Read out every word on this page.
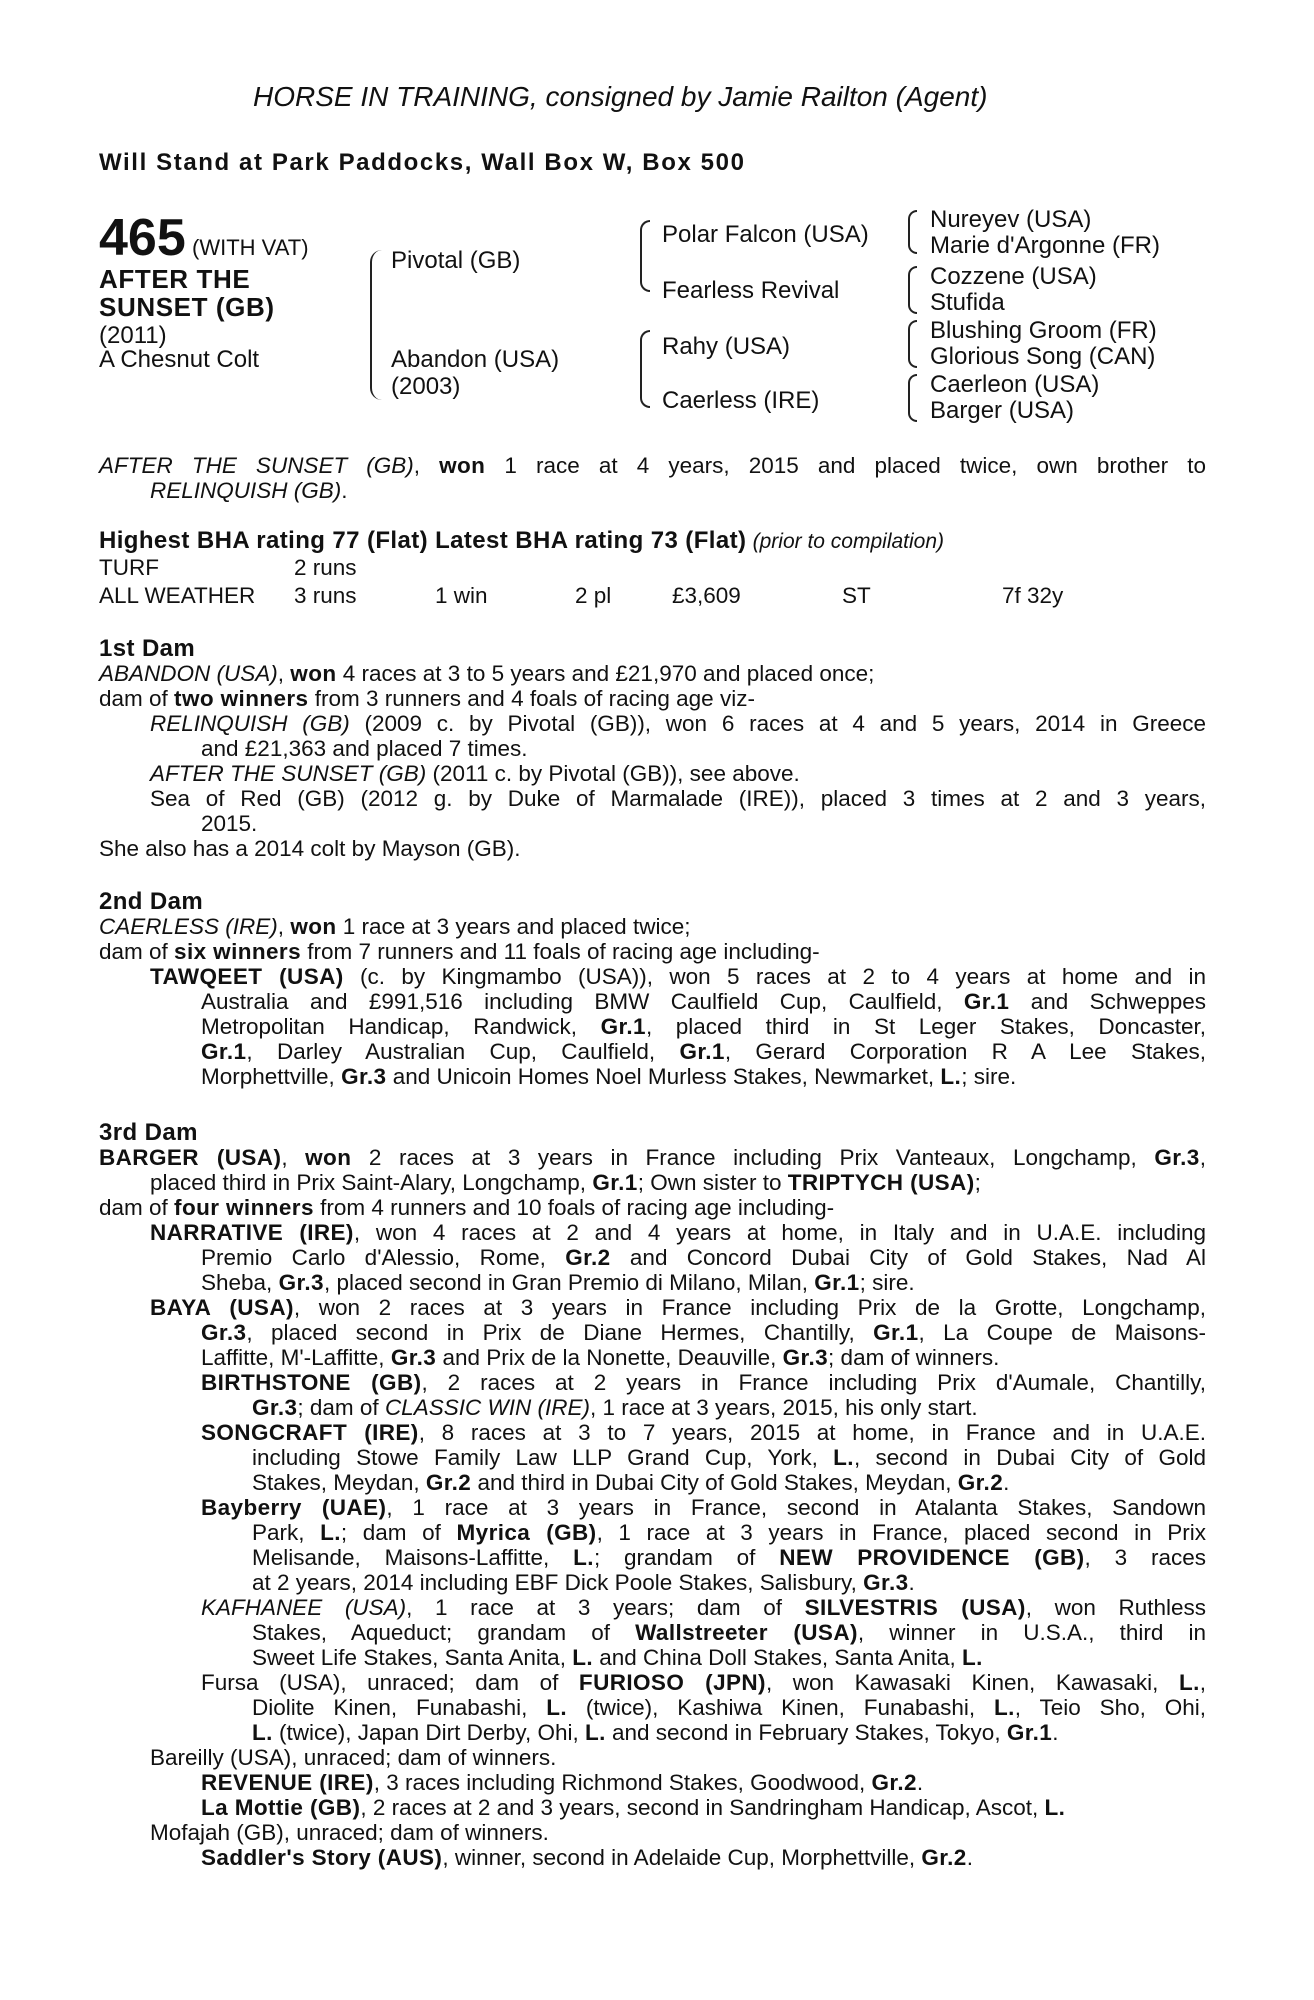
HORSE IN TRAINING, consigned by Jamie Railton (Agent)
Will Stand at Park Paddocks, Wall Box W, Box 500
465 (WITH VAT)
AFTER THE
SUNSET (GB)
(2011)
A Chesnut Colt
Pivotal (GB)
Abandon (USA)
(2003)
Polar Falcon (USA)
Fearless Revival
Rahy (USA)
Caerless (IRE)
Nureyev (USA)
Marie d'Argonne (FR)
Cozzene (USA)
Stufida
Blushing Groom (FR)
Glorious Song (CAN)
Caerleon (USA)
Barger (USA)
AFTER THE SUNSET (GB), won 1 race at 4 years, 2015 and placed twice, own brother to
RELINQUISH (GB).
Highest BHA rating 77 (Flat) Latest BHA rating 73 (Flat) (prior to compilation)
TURF	2 runs
ALL WEATHER 3 runs	1 win	2 pl	£3,609	ST	7f 32y
1st Dam
ABANDON (USA), won 4 races at 3 to 5 years and £21,970 and placed once;
dam of two winners from 3 runners and 4 foals of racing age viz-
RELINQUISH (GB) (2009 c. by Pivotal (GB)), won 6 races at 4 and 5 years, 2014 in Greece
and £21,363 and placed 7 times.
AFTER THE SUNSET (GB) (2011 c. by Pivotal (GB)), see above.
Sea of Red (GB) (2012 g. by Duke of Marmalade (IRE)), placed 3 times at 2 and 3 years,
2015.
She also has a 2014 colt by Mayson (GB).
2nd Dam
CAERLESS (IRE), won 1 race at 3 years and placed twice;
dam of six winners from 7 runners and 11 foals of racing age including-
TAWQEET (USA) (c. by Kingmambo (USA)), won 5 races at 2 to 4 years at home and in
Australia and £991,516 including BMW Caulfield Cup, Caulfield, Gr.1 and Schweppes
Metropolitan Handicap, Randwick, Gr.1, placed third in St Leger Stakes, Doncaster,
Gr.1, Darley Australian Cup, Caulfield, Gr.1, Gerard Corporation R A Lee Stakes,
Morphettville, Gr.3 and Unicoin Homes Noel Murless Stakes, Newmarket, L.; sire.
3rd Dam
BARGER (USA), won 2 races at 3 years in France including Prix Vanteaux, Longchamp, Gr.3,
placed third in Prix Saint-Alary, Longchamp, Gr.1; Own sister to TRIPTYCH (USA);
dam of four winners from 4 runners and 10 foals of racing age including-
NARRATIVE (IRE), won 4 races at 2 and 4 years at home, in Italy and in U.A.E. including
Premio Carlo d'Alessio, Rome, Gr.2 and Concord Dubai City of Gold Stakes, Nad Al
Sheba, Gr.3, placed second in Gran Premio di Milano, Milan, Gr.1; sire.
BAYA (USA), won 2 races at 3 years in France including Prix de la Grotte, Longchamp,
Gr.3, placed second in Prix de Diane Hermes, Chantilly, Gr.1, La Coupe de Maisons-
Laffitte, M'-Laffitte, Gr.3 and Prix de la Nonette, Deauville, Gr.3; dam of winners.
BIRTHSTONE (GB), 2 races at 2 years in France including Prix d'Aumale, Chantilly,
Gr.3; dam of CLASSIC WIN (IRE), 1 race at 3 years, 2015, his only start.
SONGCRAFT (IRE), 8 races at 3 to 7 years, 2015 at home, in France and in U.A.E.
including Stowe Family Law LLP Grand Cup, York, L., second in Dubai City of Gold
Stakes, Meydan, Gr.2 and third in Dubai City of Gold Stakes, Meydan, Gr.2.
Bayberry (UAE), 1 race at 3 years in France, second in Atalanta Stakes, Sandown
Park, L.; dam of Myrica (GB), 1 race at 3 years in France, placed second in Prix
Melisande, Maisons-Laffitte, L.; grandam of NEW PROVIDENCE (GB), 3 races
at 2 years, 2014 including EBF Dick Poole Stakes, Salisbury, Gr.3.
KAFHANEE (USA), 1 race at 3 years; dam of SILVESTRIS (USA), won Ruthless
Stakes, Aqueduct; grandam of Wallstreeter (USA), winner in U.S.A., third in
Sweet Life Stakes, Santa Anita, L. and China Doll Stakes, Santa Anita, L.
Fursa (USA), unraced; dam of FURIOSO (JPN), won Kawasaki Kinen, Kawasaki, L.,
Diolite Kinen, Funabashi, L. (twice), Kashiwa Kinen, Funabashi, L., Teio Sho, Ohi,
L. (twice), Japan Dirt Derby, Ohi, L. and second in February Stakes, Tokyo, Gr.1.
Bareilly (USA), unraced; dam of winners.
REVENUE (IRE), 3 races including Richmond Stakes, Goodwood, Gr.2.
La Mottie (GB), 2 races at 2 and 3 years, second in Sandringham Handicap, Ascot, L.
Mofajah (GB), unraced; dam of winners.
Saddler's Story (AUS), winner, second in Adelaide Cup, Morphettville, Gr.2.
